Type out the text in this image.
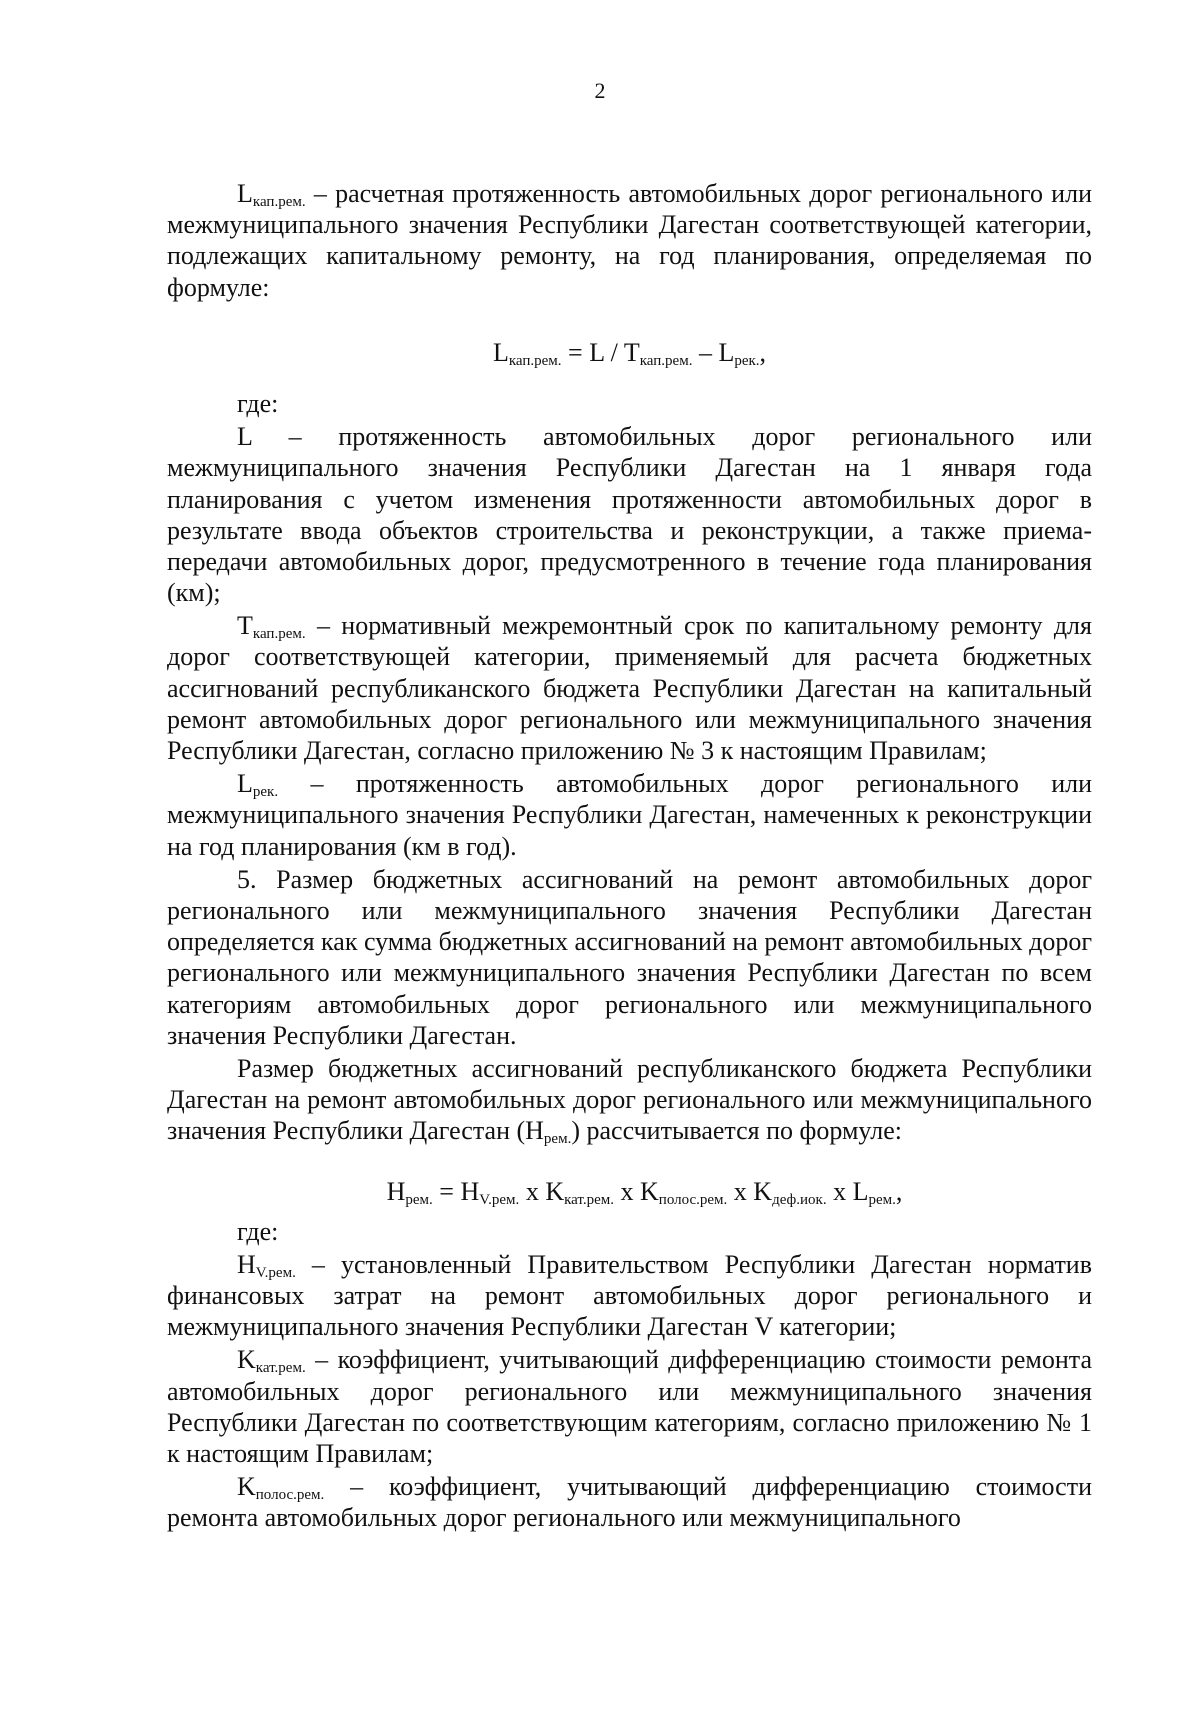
2

$L_{кап.рем.}$ – расчетная протяженность автомобильных дорог регионального или межмуниципального значения Республики Дагестан соответствующей категории, подлежащих капитальному ремонту, на год планирования, определяемая по формуле:

$L_{кап.рем.} = L / T_{кап.рем.} - L_{рек.}$,

где:

L – протяженность автомобильных дорог регионального или межмуниципального значения Республики Дагестан на 1 января года планирования с учетом изменения протяженности автомобильных дорог в результате ввода объектов строительства и реконструкции, а также приема-передачи автомобильных дорог, предусмотренного в течение года планирования (км);

$T_{кап.рем.}$ – нормативный межремонтный срок по капитальному ремонту для дорог соответствующей категории, применяемый для расчета бюджетных ассигнований республиканского бюджета Республики Дагестан на капитальный ремонт автомобильных дорог регионального или межмуниципального значения Республики Дагестан, согласно приложению № 3 к настоящим Правилам;

$L_{рек.}$ – протяженность автомобильных дорог регионального или межмуниципального значения Республики Дагестан, намеченных к реконструкции на год планирования (км в год).

5. Размер бюджетных ассигнований на ремонт автомобильных дорог регионального или межмуниципального значения Республики Дагестан определяется как сумма бюджетных ассигнований на ремонт автомобильных дорог регионального или межмуниципального значения Республики Дагестан по всем категориям автомобильных дорог регионального или межмуниципального значения Республики Дагестан.

Размер бюджетных ассигнований республиканского бюджета Республики Дагестан на ремонт автомобильных дорог регионального или межмуниципального значения Республики Дагестан $(H_{рем.})$ рассчитывается по формуле:

$H_{рем.} = H_{V.рем.}$ x $K_{кат.рем.}$ x $K_{полос.рем.}$ x $K_{деф.иок.}$ x $L_{рем.}$,

где:

$H_{V.рем.}$ – установленный Правительством Республики Дагестан норматив финансовых затрат на ремонт автомобильных дорог регионального и межмуниципального значения Республики Дагестан V категории;

$K_{кат.рем.}$ – коэффициент, учитывающий дифференциацию стоимости ремонта автомобильных дорог регионального или межмуниципального значения Республики Дагестан по соответствующим категориям, согласно приложению № 1 к настоящим Правилам;

$K_{полос.рем.}$ – коэффициент, учитывающий дифференциацию стоимости ремонта автомобильных дорог регионального или межмуниципального
